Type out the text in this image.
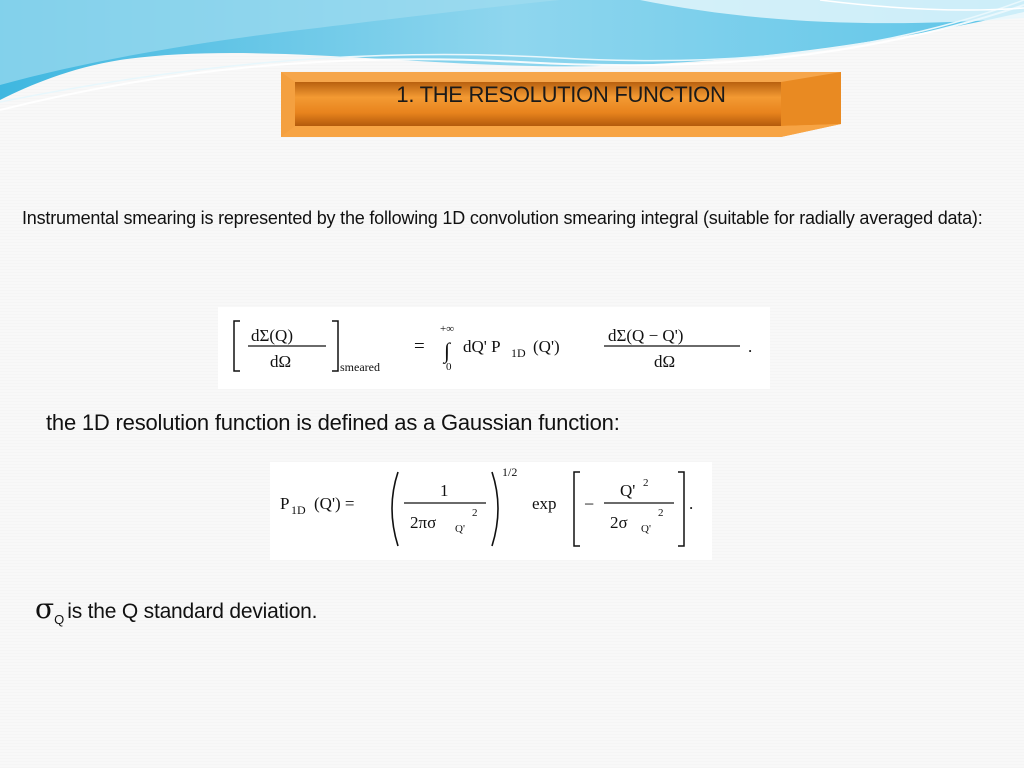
1. THE RESOLUTION FUNCTION
Instrumental smearing is represented by the following 1D convolution smearing integral (suitable for radially averaged data):
dΣ(Q)
dΩ	smeared
=
+∞
∫
0
dQ' P 1D (Q')
dΣ(Q − Q')
dΩ
.
the 1D resolution function is defined as a Gaussian function:
P 1D (Q') =
1
2πσ Q'
2
1/2
exp −
Q' 2
2σ Q'
2 .
$\sigma_Q$ is the Q standard deviation.
